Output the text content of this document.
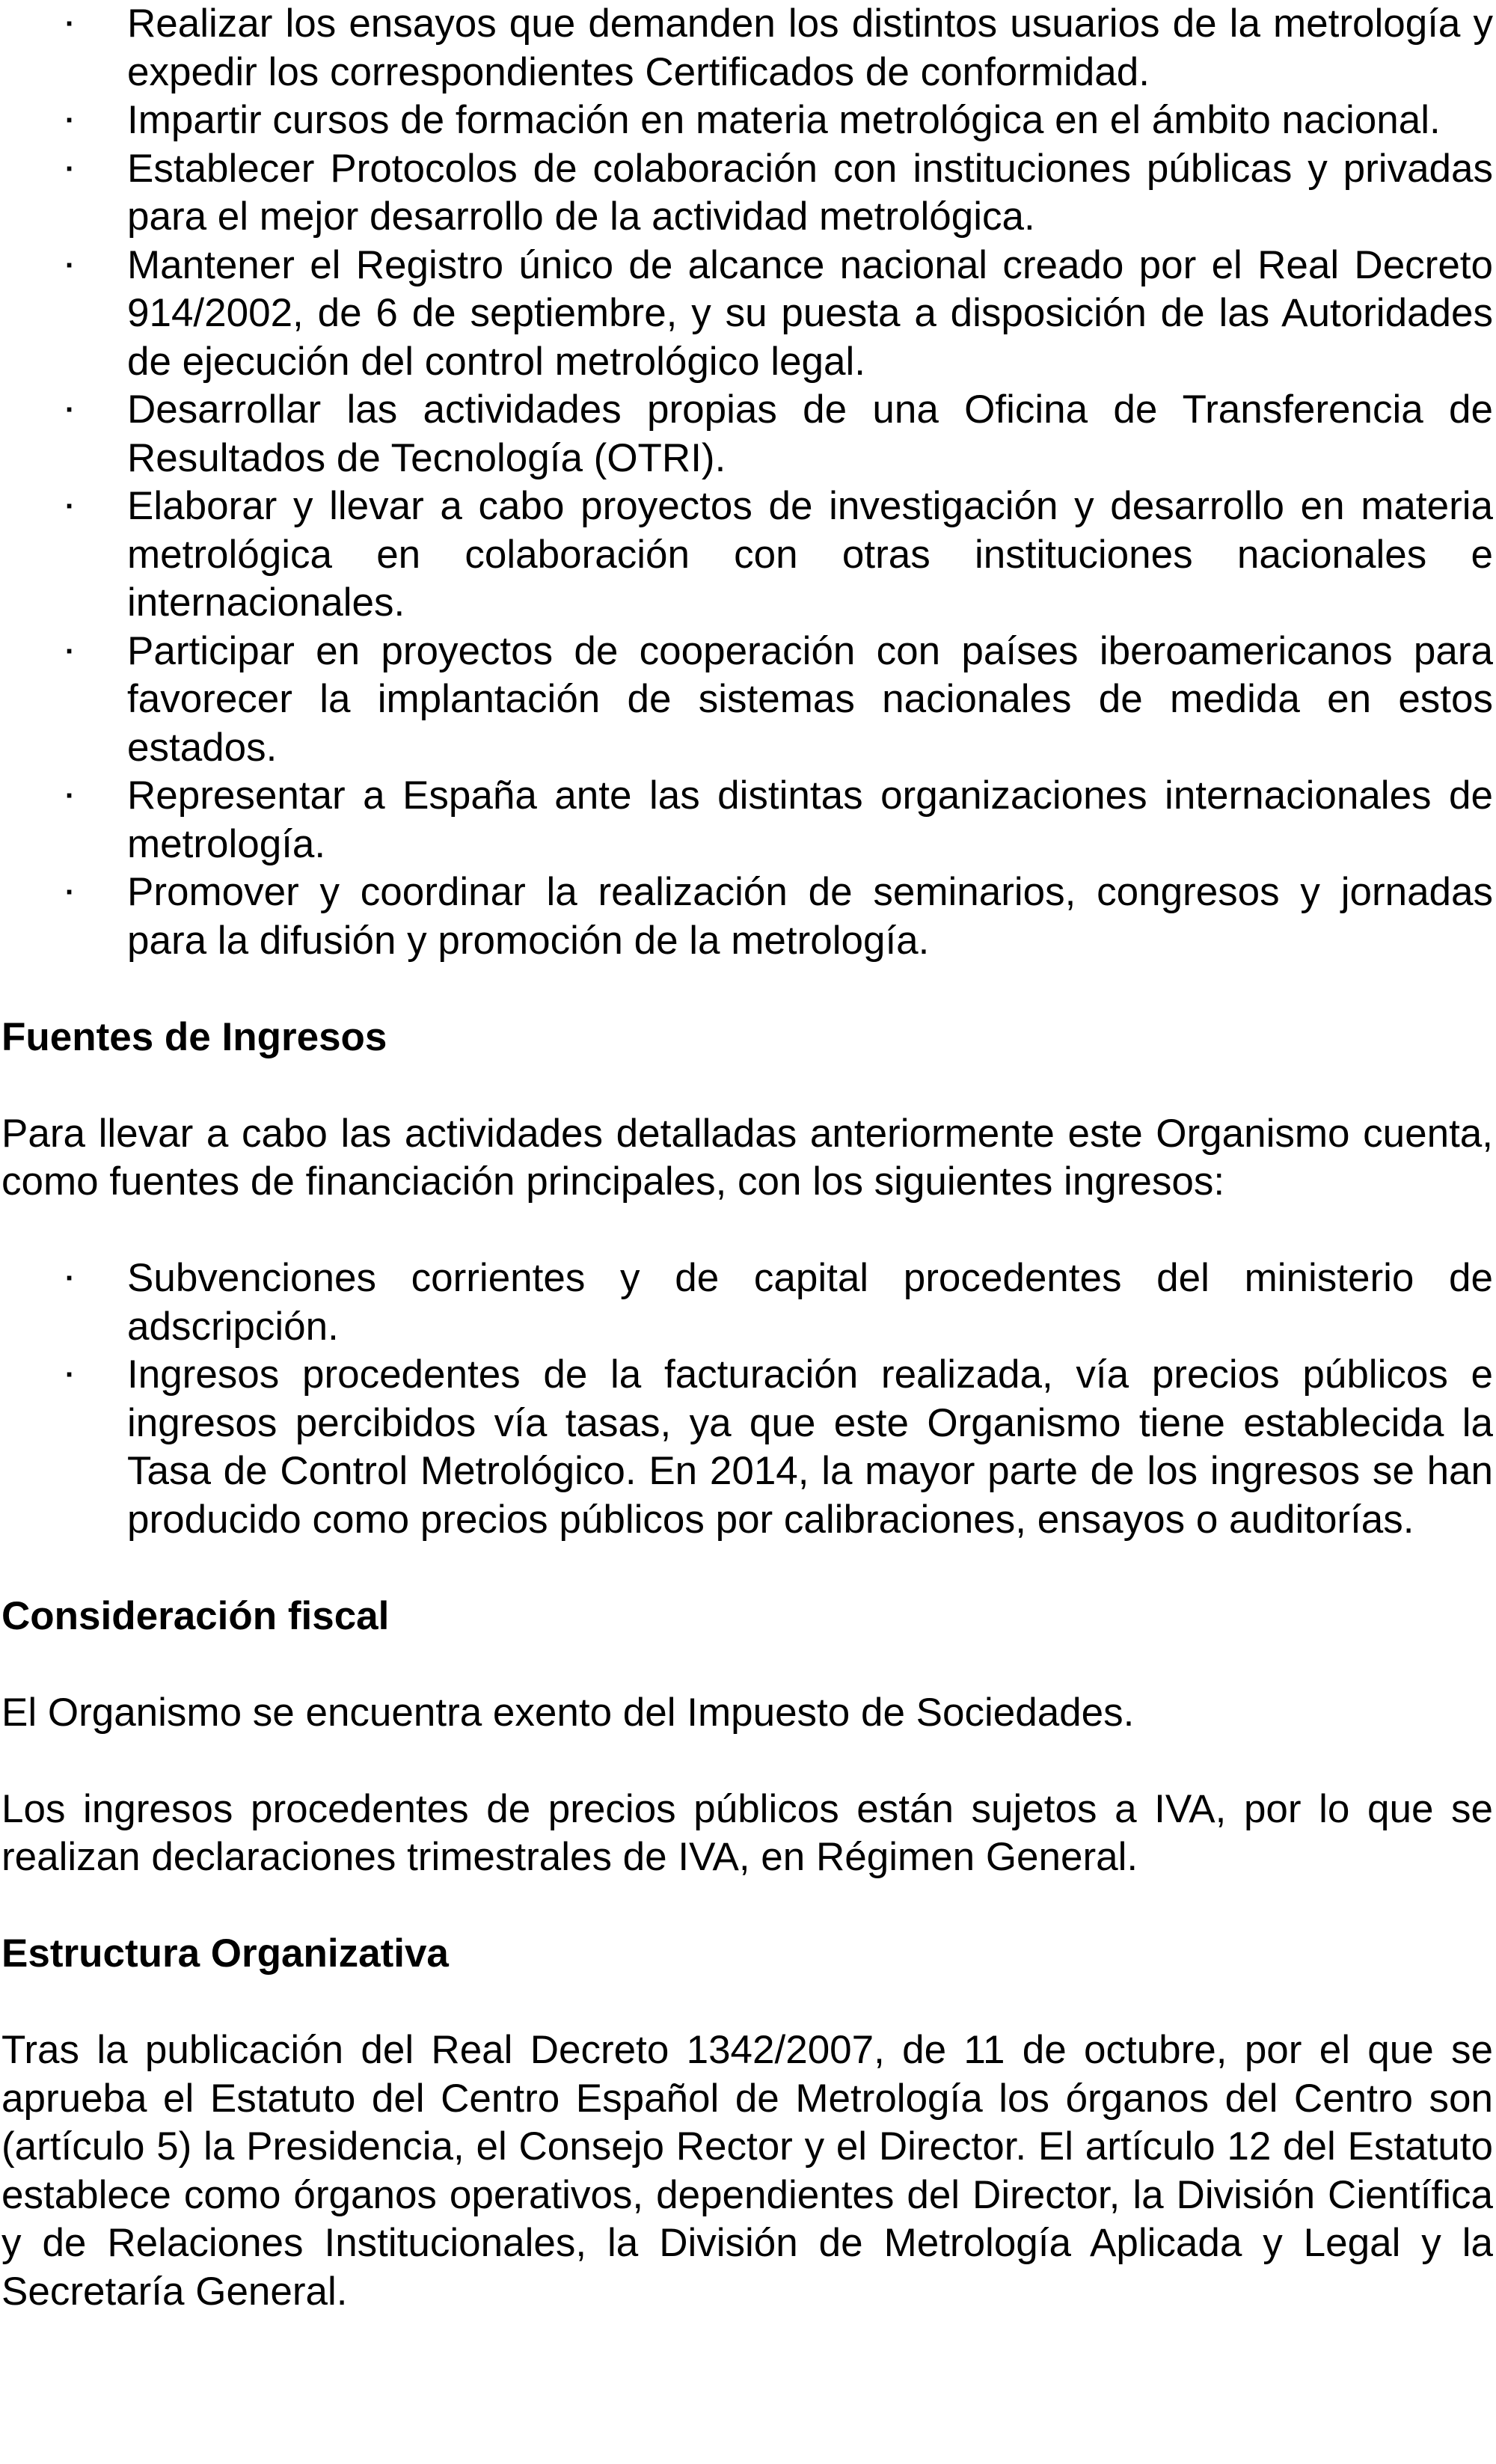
· Realizar los ensayos que demanden los distintos usuarios de la metrología y expedir los correspondientes Certificados de conformidad.
· Impartir cursos de formación en materia metrológica en el ámbito nacional.
· Establecer Protocolos de colaboración con instituciones públicas y privadas para el mejor desarrollo de la actividad metrológica.
· Mantener el Registro único de alcance nacional creado por el Real Decreto 914/2002, de 6 de septiembre, y su puesta a disposición de las Autoridades de ejecución del control metrológico legal.
· Desarrollar las actividades propias de una Oficina de Transferencia de Resultados de Tecnología (OTRI).
· Elaborar y llevar a cabo proyectos de investigación y desarrollo en materia metrológica en colaboración con otras instituciones nacionales e internacionales.
· Participar en proyectos de cooperación con países iberoamericanos para favorecer la implantación de sistemas nacionales de medida en estos estados.
· Representar a España ante las distintas organizaciones internacionales de metrología.
· Promover y coordinar la realización de seminarios, congresos y jornadas para la difusión y promoción de la metrología.
Fuentes de Ingresos

Para llevar a cabo las actividades detalladas anteriormente este Organismo cuenta, como fuentes de financiación principales, con los siguientes ingresos:

· Subvenciones corrientes y de capital procedentes del ministerio de adscripción.
· Ingresos procedentes de la facturación realizada, vía precios públicos e ingresos percibidos vía tasas, ya que este Organismo tiene establecida la Tasa de Control Metrológico. En 2014, la mayor parte de los ingresos se han producido como precios públicos por calibraciones, ensayos o auditorías.
Consideración fiscal

El Organismo se encuentra exento del Impuesto de Sociedades.

Los ingresos procedentes de precios públicos están sujetos a IVA, por lo que se realizan declaraciones trimestrales de IVA, en Régimen General.

Estructura Organizativa

Tras la publicación del Real Decreto 1342/2007, de 11 de octubre, por el que se aprueba el Estatuto del Centro Español de Metrología los órganos del Centro son (artículo 5) la Presidencia, el Consejo Rector y el Director. El artículo 12 del Estatuto establece como órganos operativos, dependientes del Director, la División Científica y de Relaciones Institucionales, la División de Metrología Aplicada y Legal y la Secretaría General.
